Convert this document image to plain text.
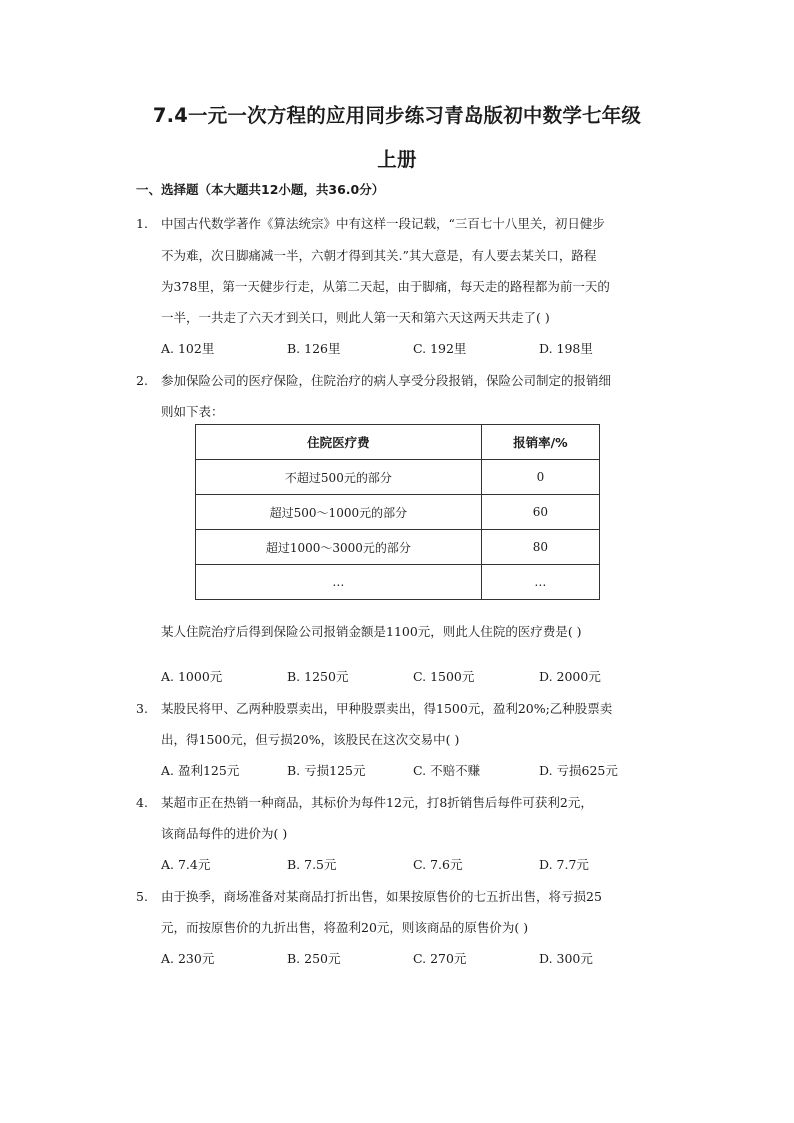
7.4一元一次方程的应用同步练习青岛版初中数学七年级
上册
一、选择题（本大题共12小题，共36.0分）
1. 中国古代数学著作《算法统宗》中有这样一段记载，“三百七十八里关，初日健步
不为难，次日脚痛减一半，六朝才得到其关.”其大意是，有人要去某关口，路程
为378里，第一天健步行走，从第二天起，由于脚痛，每天走的路程都为前一天的
一半，一共走了六天才到关口，则此人第一天和第六天这两天共走了( )
A. 102里	B. 126里	C. 192里	D. 198里
2. 参加保险公司的医疗保险，住院治疗的病人享受分段报销，保险公司制定的报销细
则如下表：
住院医疗费	报销率/%
不超过500元的部分	0
超过500～1000元的部分	60
超过1000～3000元的部分	80
…	…
某人住院治疗后得到保险公司报销金额是1100元，则此人住院的医疗费是( )
A. 1000元	B. 1250元	C. 1500元	D. 2000元
3. 某股民将甲、乙两种股票卖出，甲种股票卖出，得1500元，盈利20%;乙种股票卖
出，得1500元，但亏损20%，该股民在这次交易中( )
A. 盈利125元	B. 亏损125元	C. 不赔不赚	D. 亏损625元
4. 某超市正在热销一种商品，其标价为每件12元，打8折销售后每件可获利2元，
该商品每件的进价为( )
A. 7.4元	B. 7.5元	C. 7.6元	D. 7.7元
5. 由于换季，商场准备对某商品打折出售，如果按原售价的七五折出售，将亏损25
元，而按原售价的九折出售，将盈利20元，则该商品的原售价为( )
A. 230元	B. 250元	C. 270元	D. 300元
